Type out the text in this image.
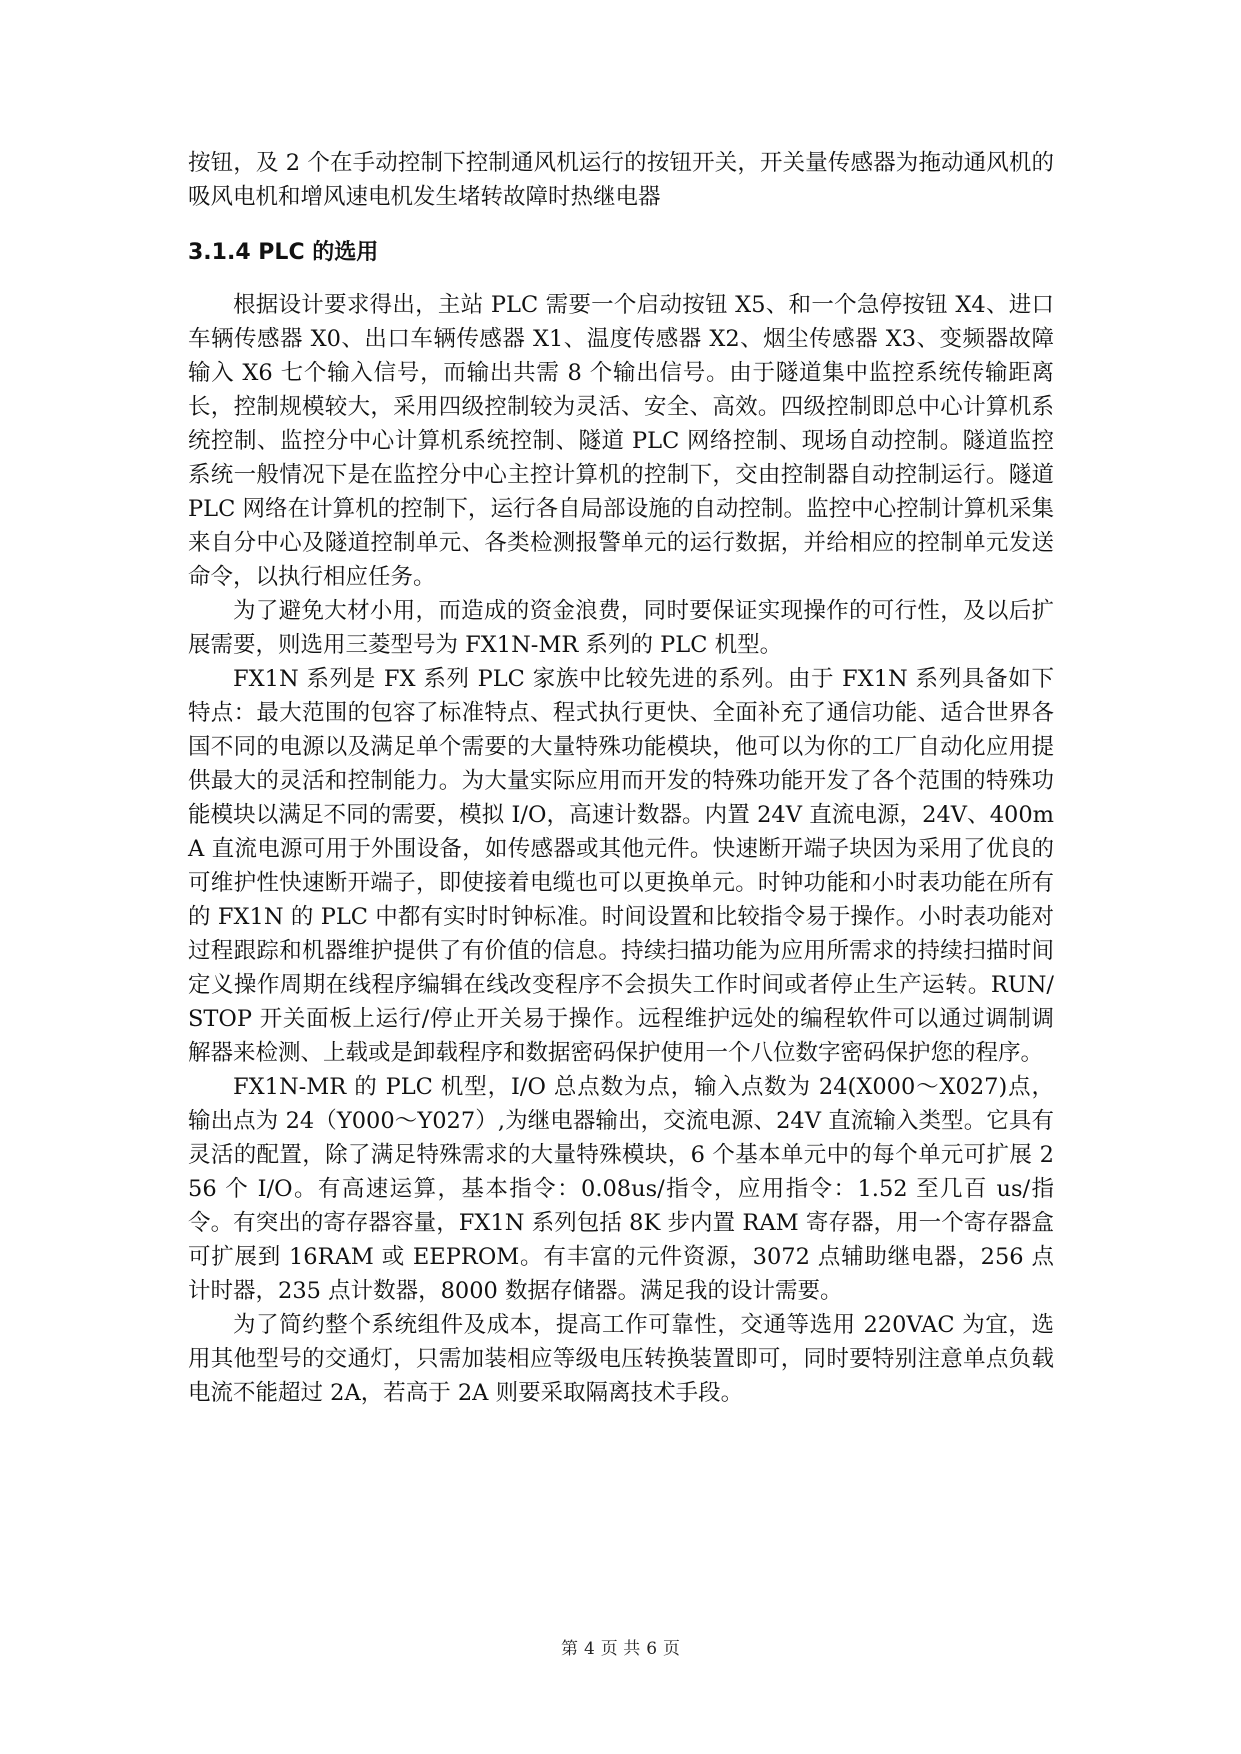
按钮，及 2 个在手动控制下控制通风机运行的按钮开关，开关量传感器为拖动通风机的吸风电机和增风速电机发生堵转故障时热继电器

3.1.4 PLC 的选用

根据设计要求得出，主站 PLC 需要一个启动按钮 X5、和一个急停按钮 X4、进口车辆传感器 X0、出口车辆传感器 X1、温度传感器 X2、烟尘传感器 X3、变频器故障输入 X6 七个输入信号，而输出共需 8 个输出信号。由于隧道集中监控系统传输距离长，控制规模较大，采用四级控制较为灵活、安全、高效。四级控制即总中心计算机系统控制、监控分中心计算机系统控制、隧道 PLC 网络控制、现场自动控制。隧道监控系统一般情况下是在监控分中心主控计算机的控制下，交由控制器自动控制运行。隧道 PLC 网络在计算机的控制下，运行各自局部设施的自动控制。监控中心控制计算机采集来自分中心及隧道控制单元、各类检测报警单元的运行数据，并给相应的控制单元发送命令，以执行相应任务。

为了避免大材小用，而造成的资金浪费，同时要保证实现操作的可行性，及以后扩展需要，则选用三菱型号为 FX1N-MR 系列的 PLC 机型。

FX1N 系列是 FX 系列 PLC 家族中比较先进的系列。由于 FX1N 系列具备如下特点：最大范围的包容了标准特点、程式执行更快、全面补充了通信功能、适合世界各国不同的电源以及满足单个需要的大量特殊功能模块，他可以为你的工厂自动化应用提供最大的灵活和控制能力。为大量实际应用而开发的特殊功能开发了各个范围的特殊功能模块以满足不同的需要，模拟 I/O，高速计数器。内置 24V 直流电源，24V、400mA 直流电源可用于外围设备，如传感器或其他元件。快速断开端子块因为采用了优良的可维护性快速断开端子，即使接着电缆也可以更换单元。时钟功能和小时表功能在所有的 FX1N 的 PLC 中都有实时时钟标准。时间设置和比较指令易于操作。小时表功能对过程跟踪和机器维护提供了有价值的信息。持续扫描功能为应用所需求的持续扫描时间定义操作周期在线程序编辑在线改变程序不会损失工作时间或者停止生产运转。RUN/STOP 开关面板上运行/停止开关易于操作。远程维护远处的编程软件可以通过调制调解器来检测、上载或是卸载程序和数据密码保护使用一个八位数字密码保护您的程序。

FX1N-MR 的 PLC 机型，I/O 总点数为点，输入点数为 24(X000～X027)点，输出点为 24（Y000～Y027）,为继电器输出，交流电源、24V 直流输入类型。它具有灵活的配置，除了满足特殊需求的大量特殊模块，6 个基本单元中的每个单元可扩展 256 个 I/O。有高速运算，基本指令：0.08us/指令，应用指令：1.52 至几百 us/指令。有突出的寄存器容量，FX1N 系列包括 8K 步内置 RAM 寄存器，用一个寄存器盒可扩展到 16RAM 或 EEPROM。有丰富的元件资源，3072 点辅助继电器，256 点计时器，235 点计数器，8000 数据存储器。满足我的设计需要。

为了简约整个系统组件及成本，提高工作可靠性，交通等选用 220VAC 为宜，选用其他型号的交通灯，只需加装相应等级电压转换装置即可，同时要特别注意单点负载电流不能超过 2A，若高于 2A 则要采取隔离技术手段。

第 4 页 共 6 页
